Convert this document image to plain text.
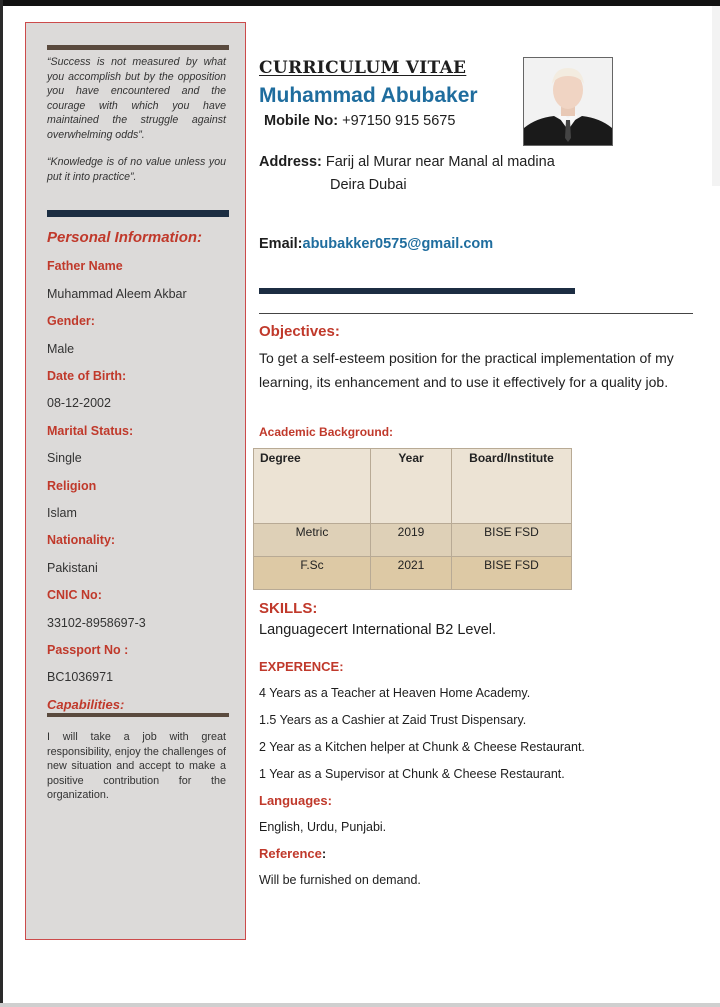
“Success is not measured by what you accomplish but by the opposition you have encountered and the courage with which you have maintained the struggle against overwhelming odds”.
“Knowledge is of no value unless you put it into practice”.
Personal Information:
Father Name
Muhammad Aleem Akbar
Gender:
Male
Date of Birth:
08-12-2002
Marital Status:
Single
Religion
Islam
Nationality:
Pakistani
CNIC No:
33102-8958697-3
Passport No :
BC1036971
Capabilities:
I will take a job with great responsibility, enjoy the challenges of new situation and accept to make a positive contribution for the organization.
CURRICULUM VITAE
Muhammad Abubaker
Mobile No: +97150 915 5675
Address: Farij al Murar near Manal al madina
Deira Dubai
Email:abubakker0575@gmail.com
Objectives:
To get a self-esteem position for the practical implementation of my learning, its enhancement and to use it effectively for a quality job.
Academic Background:
Degree	Year	Board/Institute
Metric	2019	BISE FSD
F.Sc	2021	BISE FSD
SKILLS:
Languagecert International B2 Level.
EXPERENCE:
4 Years as a Teacher at Heaven Home Academy.
1.5 Years as a Cashier at Zaid Trust Dispensary.
2 Year as a Kitchen helper at Chunk & Cheese Restaurant.
1 Year as a Supervisor at Chunk & Cheese Restaurant.
Languages:
English, Urdu, Punjabi.
Reference:
Will be furnished on demand.
